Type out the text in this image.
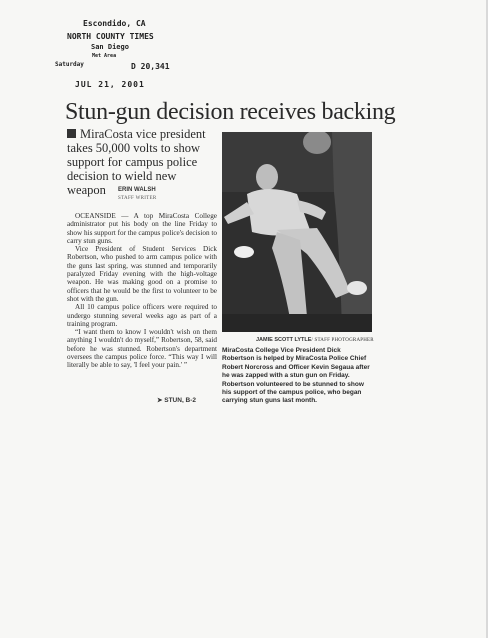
Escondido, CA
NORTH COUNTY TIMES
San Diego
Met Area
Saturday	D 20,341
JUL 21, 2001
Stun-gun decision receives backing
MiraCosta vice president takes 50,000 volts to show support for campus police decision to wield new weapon	ERIN WALSH
STAFF WRITER

OCEANSIDE — A top MiraCosta College administrator put his body on the line Friday to show his support for the campus police's decision to carry stun guns.

Vice President of Student Services Dick Robertson, who pushed to arm campus police with the guns last spring, was stunned and temporarily paralyzed Friday evening with the high-voltage weapon. He was making good on a promise to officers that he would be the first to volunteer to be shot with the gun.

All 10 campus police officers were required to undergo stunning several weeks ago as part of a training program.

“I want them to know I wouldn't wish on them anything I wouldn't do myself,” Robertson, 58, said before he was stunned. Robertson's department oversees the campus police force. “This way I will literally be able to say, 'I feel your pain.' ”

➤ STUN, B-2
JAMIE SCOTT LYTLE/ STAFF PHOTOGRAPHER
MiraCosta College Vice President Dick Robertson is helped by MiraCosta Police Chief Robert Norcross and Officer Kevin Segaua after he was zapped with a stun gun on Friday. Robertson volunteered to be stunned to show his support of the campus police, who began carrying stun guns last month.
